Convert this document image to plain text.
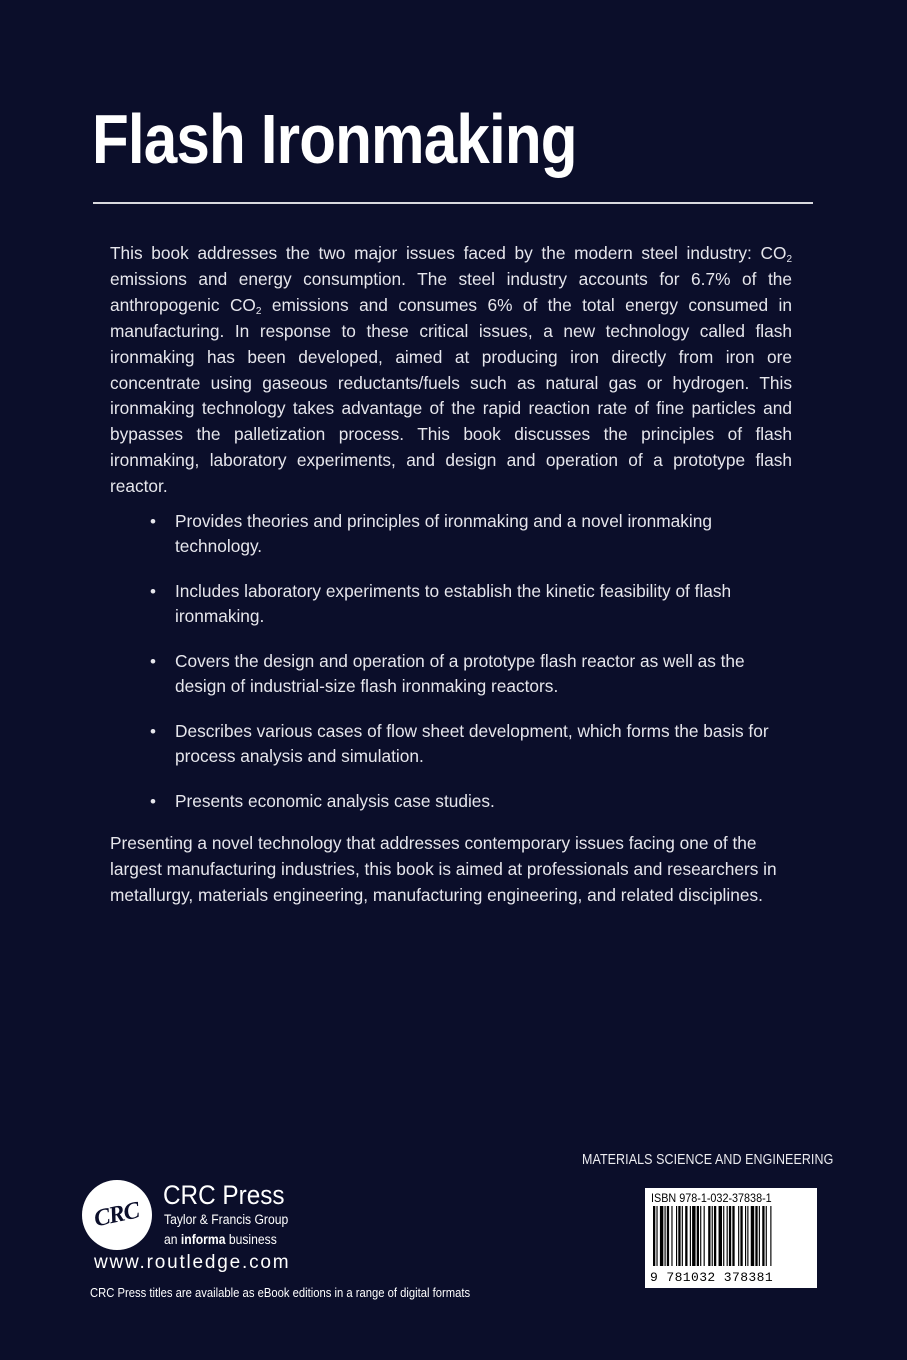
Flash Ironmaking

This book addresses the two major issues faced by the modern steel industry: $CO_2$ emissions and energy consumption. The steel industry accounts for 6.7% of the anthropogenic $CO_2$ emissions and consumes 6% of the total energy consumed in manufacturing. In response to these critical issues, a new technology called flash ironmaking has been developed, aimed at producing iron directly from iron ore concentrate using gaseous reductants/fuels such as natural gas or hydrogen. This ironmaking technology takes advantage of the rapid reaction rate of fine particles and bypasses the palletization process. This book discusses the principles of flash ironmaking, laboratory experiments, and design and operation of a prototype flash reactor.

• Provides theories and principles of ironmaking and a novel ironmaking technology.
• Includes laboratory experiments to establish the kinetic feasibility of flash ironmaking.
• Covers the design and operation of a prototype flash reactor as well as the design of industrial-size flash ironmaking reactors.
• Describes various cases of flow sheet development, which forms the basis for process analysis and simulation.
• Presents economic analysis case studies.

Presenting a novel technology that addresses contemporary issues facing one of the largest manufacturing industries, this book is aimed at professionals and researchers in metallurgy, materials engineering, manufacturing engineering, and related disciplines.

MATERIALS SCIENCE AND ENGINEERING
ISBN 978-1-032-37838-1
9 781032 378381
CRC
CRC Press
Taylor & Francis Group
an informa business
www.routledge.com
CRC Press titles are available as eBook editions in a range of digital formats
